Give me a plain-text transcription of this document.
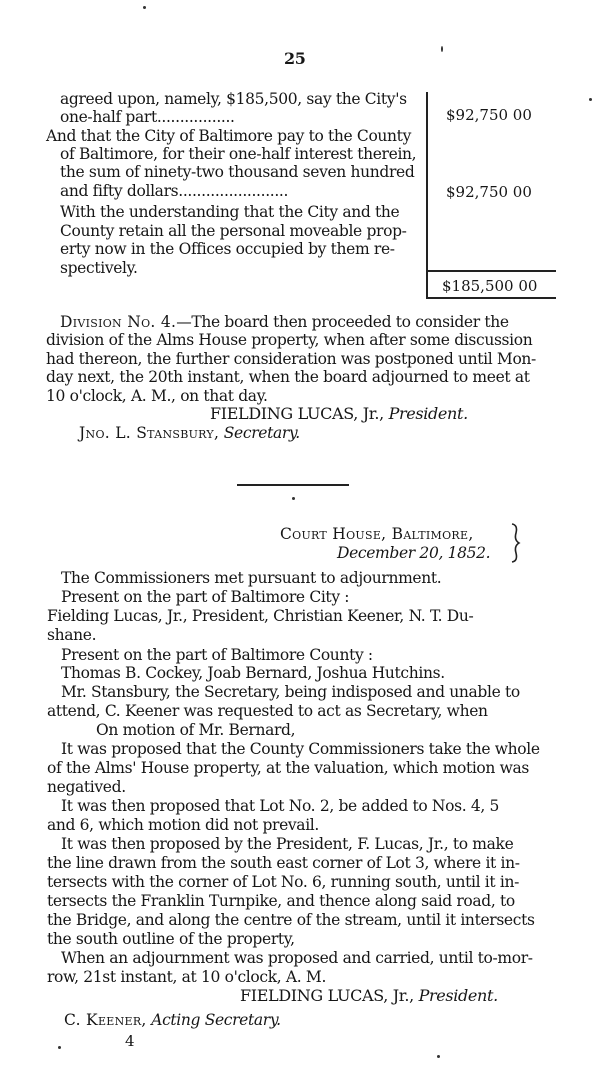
25
agreed upon, namely, $185,500, say the City's
one-half part.................
And that the City of Baltimore pay to the County
of Baltimore, for their one-half interest therein,
the sum of ninety-two thousand seven hundred
and fifty dollars........................
With the understanding that the City and the
County retain all the personal moveable prop-
erty now in the Offices occupied by them re-
spectively.
$92,750 00
$92,750 00
$185,500 00
Division No. 4.—The board then proceeded to consider the
division of the Alms House property, when after some discussion
had thereon, the further consideration was postponed until Mon-
day next, the 20th instant, when the board adjourned to meet at
10 o'clock, A. M., on that day.
FIELDING LUCAS, Jr., President.
Jno. L. Stansbury, Secretary.
Court House, Baltimore,
December 20, 1852.
The Commissioners met pursuant to adjournment.
Present on the part of Baltimore City :
Fielding Lucas, Jr., President, Christian Keener, N. T. Du-
shane.
Present on the part of Baltimore County :
Thomas B. Cockey, Joab Bernard, Joshua Hutchins.
Mr. Stansbury, the Secretary, being indisposed and unable to
attend, C. Keener was requested to act as Secretary, when
On motion of Mr. Bernard,
It was proposed that the County Commissioners take the whole
of the Alms' House property, at the valuation, which motion was
negatived.
It was then proposed that Lot No. 2, be added to Nos. 4, 5
and 6, which motion did not prevail.
It was then proposed by the President, F. Lucas, Jr., to make
the line drawn from the south east corner of Lot 3, where it in-
tersects with the corner of Lot No. 6, running south, until it in-
tersects the Franklin Turnpike, and thence along said road, to
the Bridge, and along the centre of the stream, until it intersects
the south outline of the property,
When an adjournment was proposed and carried, until to-mor-
row, 21st instant, at 10 o'clock, A. M.
FIELDING LUCAS, Jr., President.
C. Keener, Acting Secretary.
4
